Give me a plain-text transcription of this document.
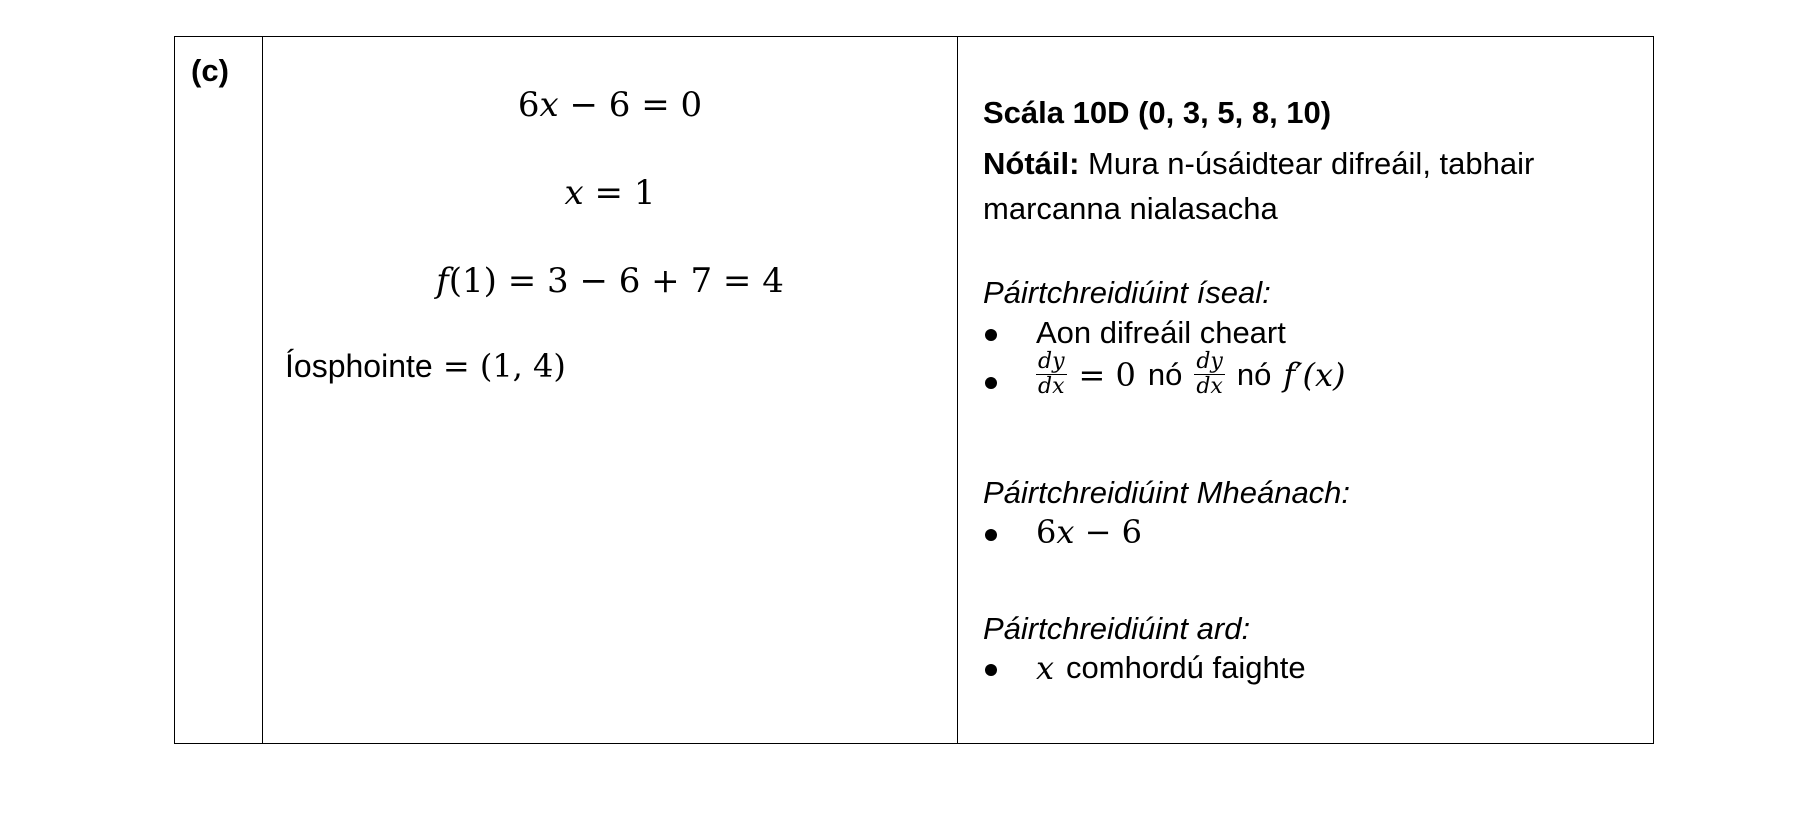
(c)
6x − 6 = 0
x = 1
f(1) = 3 − 6 + 7 = 4
Íosphointe = (1, 4)
Scála 10D (0, 3, 5, 8, 10)
Nótáil: Mura n-úsáidtear difreáil, tabhair marcanna nialasacha
Páirtchreidiúint íseal:
Aon difreáil cheart
$\frac{dy}{dx} = 0$ nó $\frac{dy}{dx}$ nó f′(x)
Páirtchreidiúint Mheánach:
6x − 6
Páirtchreidiúint ard:
x comhordú faighte
